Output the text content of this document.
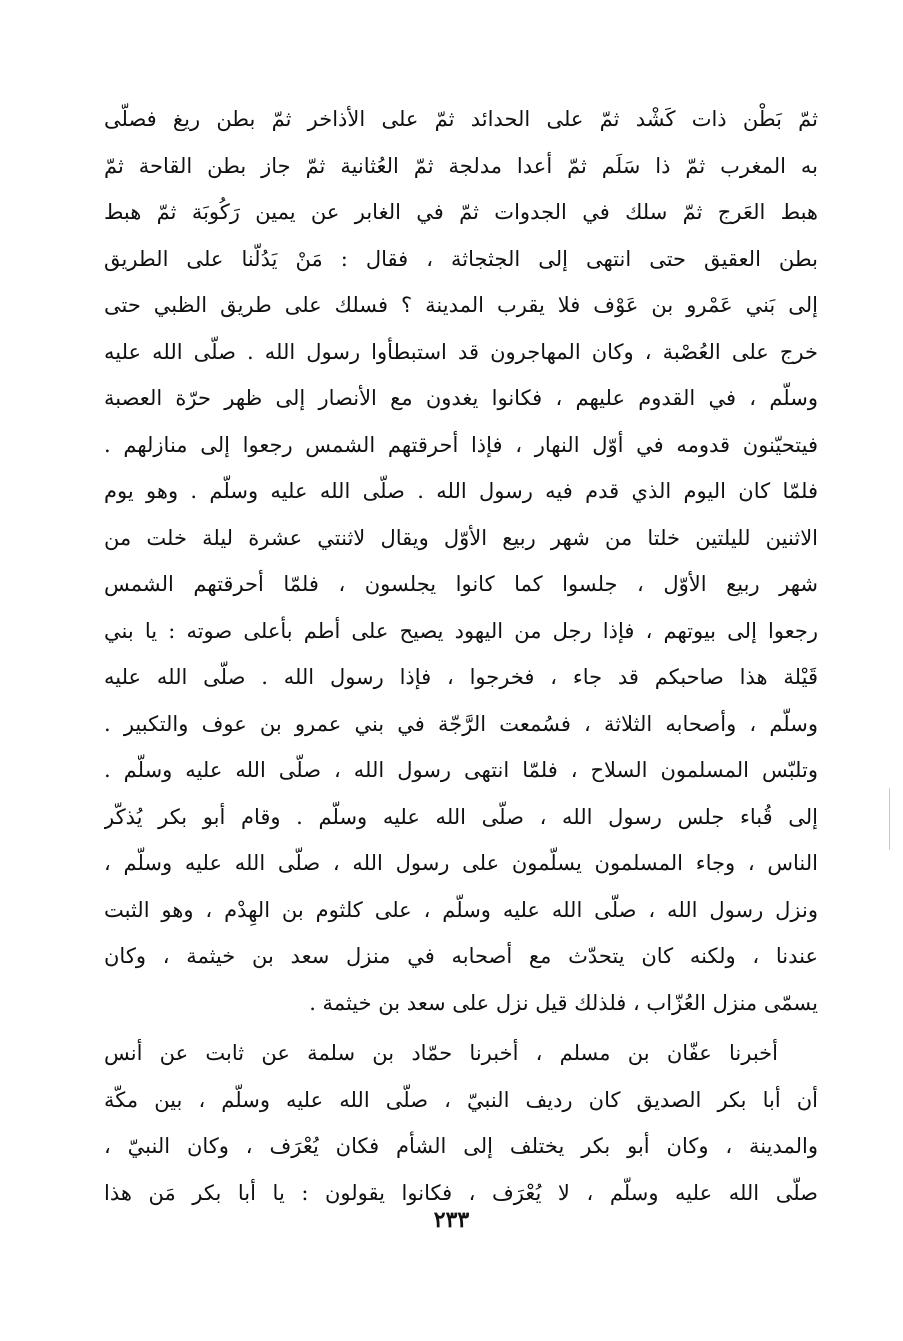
ثمّ بَطْن ذات كَشْد ثمّ على الحدائد ثمّ على الأذاخر ثمّ بطن ريغ فصلّى
به المغرب ثمّ ذا سَلَم ثمّ أعدا مدلجة ثمّ العُثانية ثمّ جاز بطن القاحة ثمّ
هبط العَرج ثمّ سلك في الجدوات ثمّ في الغابر عن يمين رَكُوبَة ثمّ هبط
بطن العقيق حتى انتهى إلى الجثجاثة ، فقال : مَنْ يَدُلّنا على الطريق
إلى بَني عَمْرو بن عَوْف فلا يقرب المدينة ؟ فسلك على طريق الظبي حتى
خرج على العُصْبة ، وكان المهاجرون قد استبطأوا رسول الله . صلّى الله عليه
وسلّم ، في القدوم عليهم ، فكانوا يغدون مع الأنصار إلى ظهر حرّة العصبة
فيتحيّنون قدومه في أوّل النهار ، فإذا أحرقتهم الشمس رجعوا إلى منازلهم .
فلمّا كان اليوم الذي قدم فيه رسول الله . صلّى الله عليه وسلّم . وهو يوم
الاثنين لليلتين خلتا من شهر ربيع الأوّل ويقال لاثنتي عشرة ليلة خلت من
شهر ربيع الأوّل ، جلسوا كما كانوا يجلسون ، فلمّا أحرقتهم الشمس
رجعوا إلى بيوتهم ، فإذا رجل من اليهود يصيح على أطم بأعلى صوته : يا بني
قَيْلة هذا صاحبكم قد جاء ، فخرجوا ، فإذا رسول الله . صلّى الله عليه
وسلّم ، وأصحابه الثلاثة ، فسُمعت الرَّجّة في بني عمرو بن عوف والتكبير .
وتلبّس المسلمون السلاح ، فلمّا انتهى رسول الله ، صلّى الله عليه وسلّم .
إلى قُباء جلس رسول الله ، صلّى الله عليه وسلّم . وقام أبو بكر يُذكّر
الناس ، وجاء المسلمون يسلّمون على رسول الله ، صلّى الله عليه وسلّم ،
ونزل رسول الله ، صلّى الله عليه وسلّم ، على كلثوم بن الهِدْم ، وهو الثبت
عندنا ، ولكنه كان يتحدّث مع أصحابه في منزل سعد بن خيثمة ، وكان
يسمّى منزل العُزّاب ، فلذلك قيل نزل على سعد بن خيثمة .
أخبرنا عفّان بن مسلم ، أخبرنا حمّاد بن سلمة عن ثابت عن أنس
أن أبا بكر الصديق كان رديف النبيّ ، صلّى الله عليه وسلّم ، بين مكّة
والمدينة ، وكان أبو بكر يختلف إلى الشأم فكان يُعْرَف ، وكان النبيّ ،
صلّى الله عليه وسلّم ، لا يُعْرَف ، فكانوا يقولون : يا أبا بكر مَن هذا
٢٣٣
